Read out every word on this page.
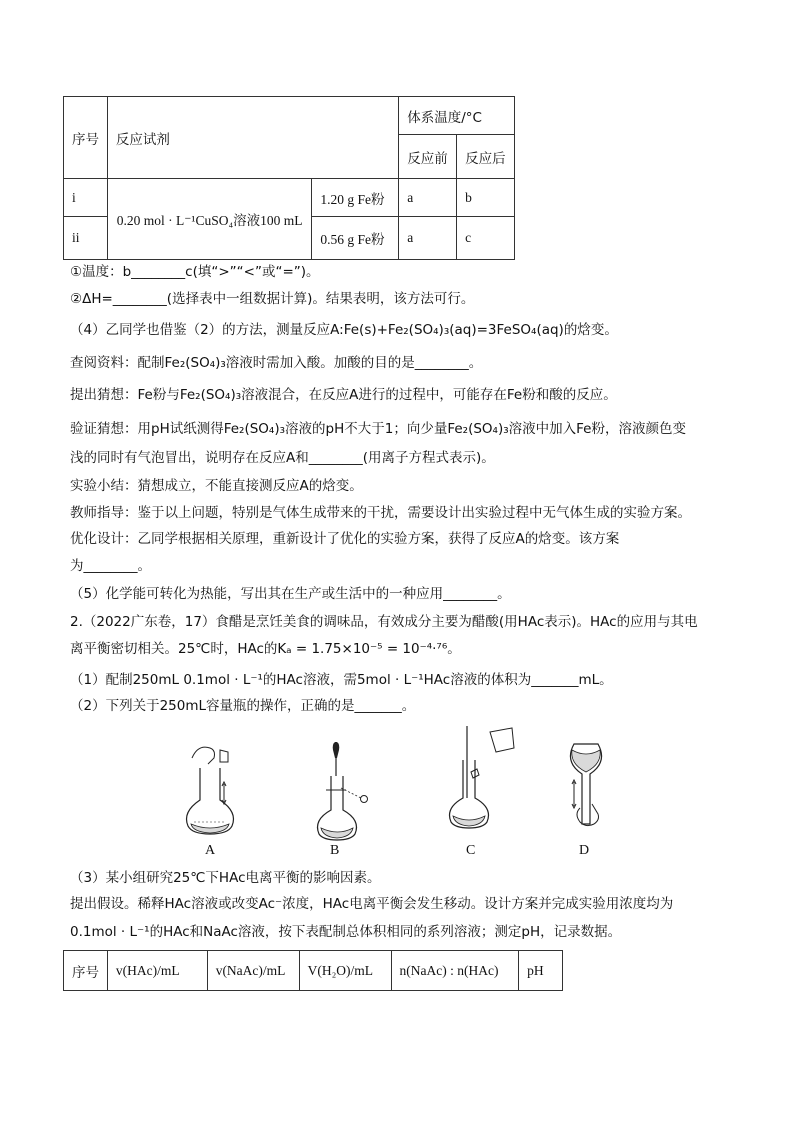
序号	反应试剂		体系温度/°C	
			反应前	反应后
i	0.20 mol · L⁻¹CuSO₄溶液100 mL	1.20 g Fe粉	a	b
ii		0.56 g Fe粉	a	c
①温度：b________c(填“>”“<”或“=”)。
②ΔH=________(选择表中一组数据计算)。结果表明，该方法可行。
（4）乙同学也借鉴（2）的方法，测量反应A:Fe(s)+Fe₂(SO₄)₃(aq)=3FeSO₄(aq)的焓变。
查阅资料：配制Fe₂(SO₄)₃溶液时需加入酸。加酸的目的是________。
提出猜想：Fe粉与Fe₂(SO₄)₃溶液混合，在反应A进行的过程中，可能存在Fe粉和酸的反应。
验证猜想：用pH试纸测得Fe₂(SO₄)₃溶液的pH不大于1；向少量Fe₂(SO₄)₃溶液中加入Fe粉，溶液颜色变
浅的同时有气泡冒出，说明存在反应A和________(用离子方程式表示)。
实验小结：猜想成立，不能直接测反应A的焓变。
教师指导：鉴于以上问题，特别是气体生成带来的干扰，需要设计出实验过程中无气体生成的实验方案。
优化设计：乙同学根据相关原理，重新设计了优化的实验方案，获得了反应A的焓变。该方案
为________。
（5）化学能可转化为热能，写出其在生产或生活中的一种应用________。
2.（2022广东卷，17）食醋是烹饪美食的调味品，有效成分主要为醋酸(用HAc表示)。HAc的应用与其电
离平衡密切相关。25℃时，HAc的Kₐ = 1.75×10⁻⁵ = 10⁻⁴·⁷⁶。
（1）配制250mL 0.1mol · L⁻¹的HAc溶液，需5mol · L⁻¹HAc溶液的体积为_______mL。
（2）下列关于250mL容量瓶的操作，正确的是_______。
A	B	C	D
（3）某小组研究25℃下HAc电离平衡的影响因素。
提出假设。稀释HAc溶液或改变Ac⁻浓度，HAc电离平衡会发生移动。设计方案并完成实验用浓度均为
0.1mol · L⁻¹的HAc和NaAc溶液，按下表配制总体积相同的系列溶液；测定pH，记录数据。
序号	v(HAc)/mL	v(NaAc)/mL	V(H₂O)/mL	n(NaAc) : n(HAc)	pH
